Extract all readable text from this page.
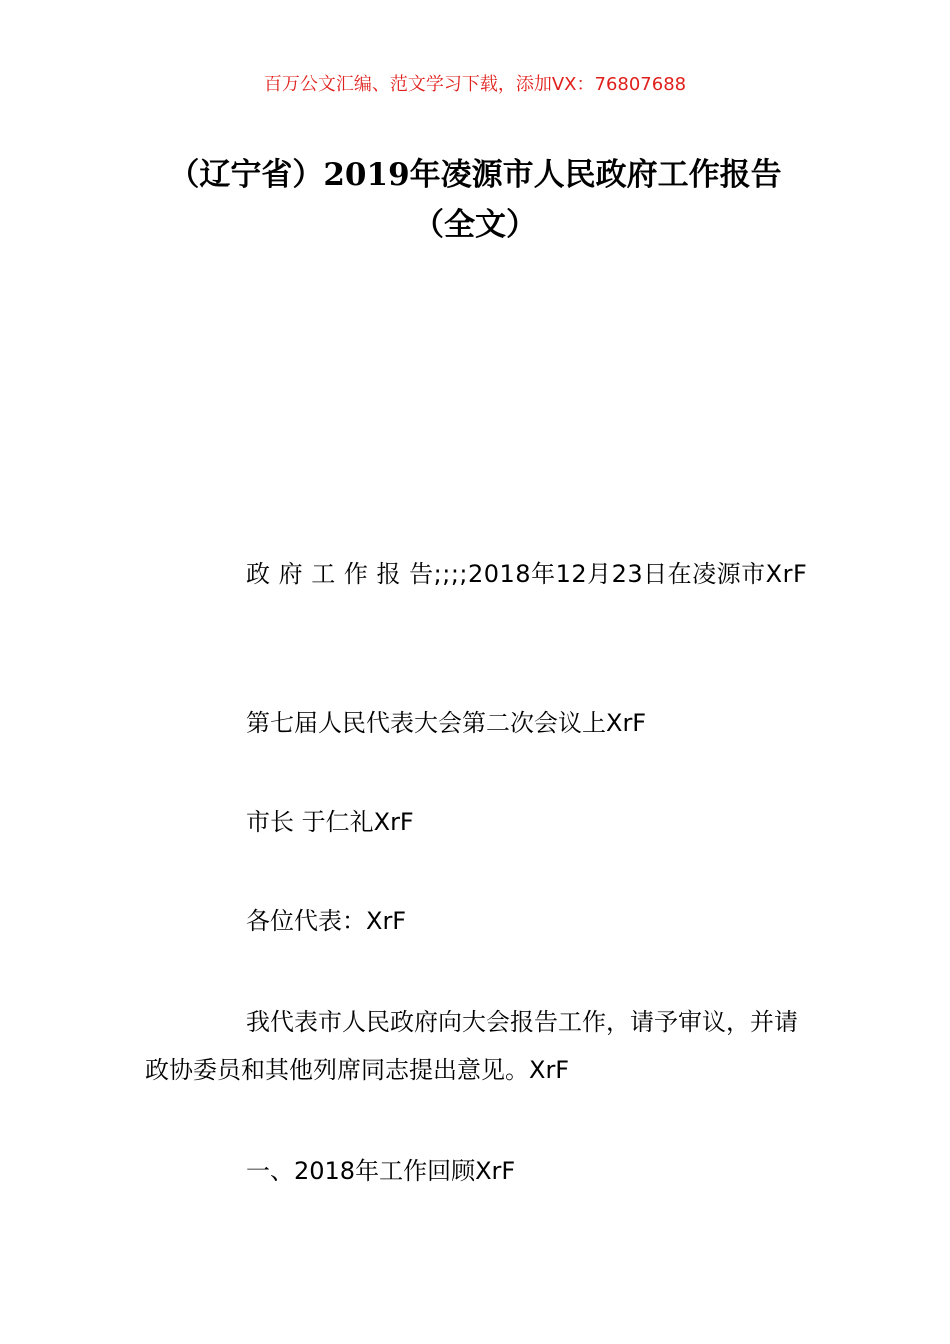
百万公文汇编、范文学习下载，添加VX：76807688
（辽宁省）2019年凌源市人民政府工作报告（全文）

政 府 工 作 报 告;;;;2018年12月23日在凌源市XrF

第七届人民代表大会第二次会议上XrF

市长 于仁礼XrF

各位代表：XrF

我代表市人民政府向大会报告工作，请予审议，并请政协委员和其他列席同志提出意见。XrF

一、2018年工作回顾XrF
